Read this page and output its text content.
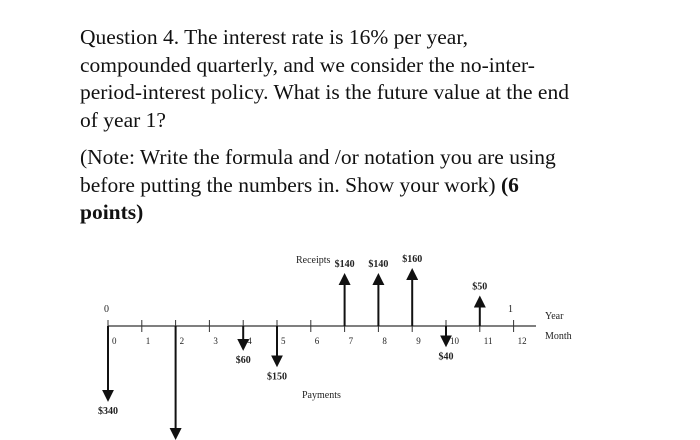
Question 4. The interest rate is 16% per year,
compounded quarterly, and we consider the no-inter-
period-interest policy. What is the future value at the end
of year 1?

(Note: Write the formula and /or notation you are using
before putting the numbers in. Show your work) (6
points)

Receipts
Payments
Year
Month
0	1
0	1	2	3	4	5	6	7	8	9	10	11	12
$140 $140 $160
$50
$340
$60
$150
$40
